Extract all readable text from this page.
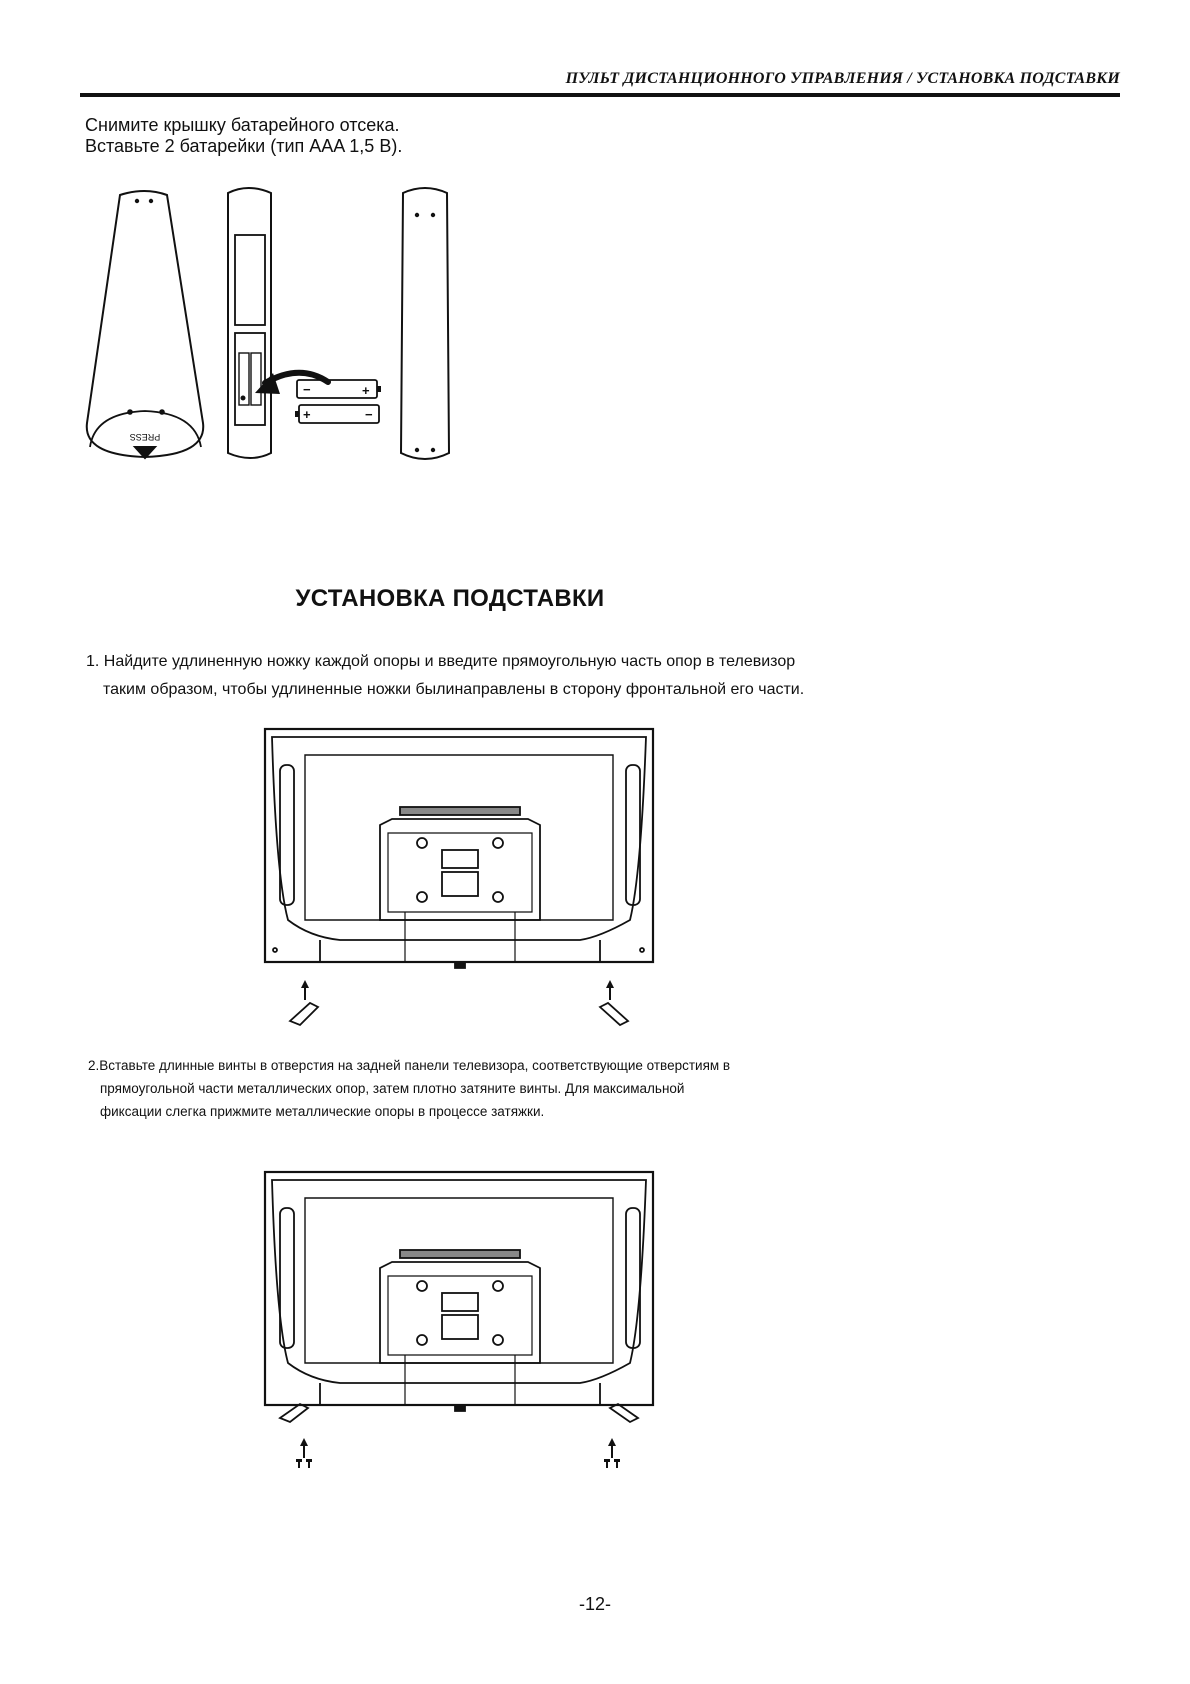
ПУЛЬТ ДИСТАНЦИОННОГО УПРАВЛЕНИЯ / УСТАНОВКА ПОДСТАВКИ
Снимите крышку батарейного отсека.
Вставьте 2 батарейки (тип AAA 1,5 В).
PRESS
−	+
+	−
УСТАНОВКА ПОДСТАВКИ
1. Найдите удлиненную ножку каждой опоры и введите прямоугольную часть опор в телевизор
таким образом, чтобы удлиненные ножки былинаправлены в сторону фронтальной его части.
2.Вставьте длинные винты в отверстия на задней панели телевизора, соответствующие отверстиям в
прямоугольной части металлических опор, затем плотно затяните винты. Для максимальной
фиксации слегка прижмите металлические опоры в процессе затяжки.
-12-
